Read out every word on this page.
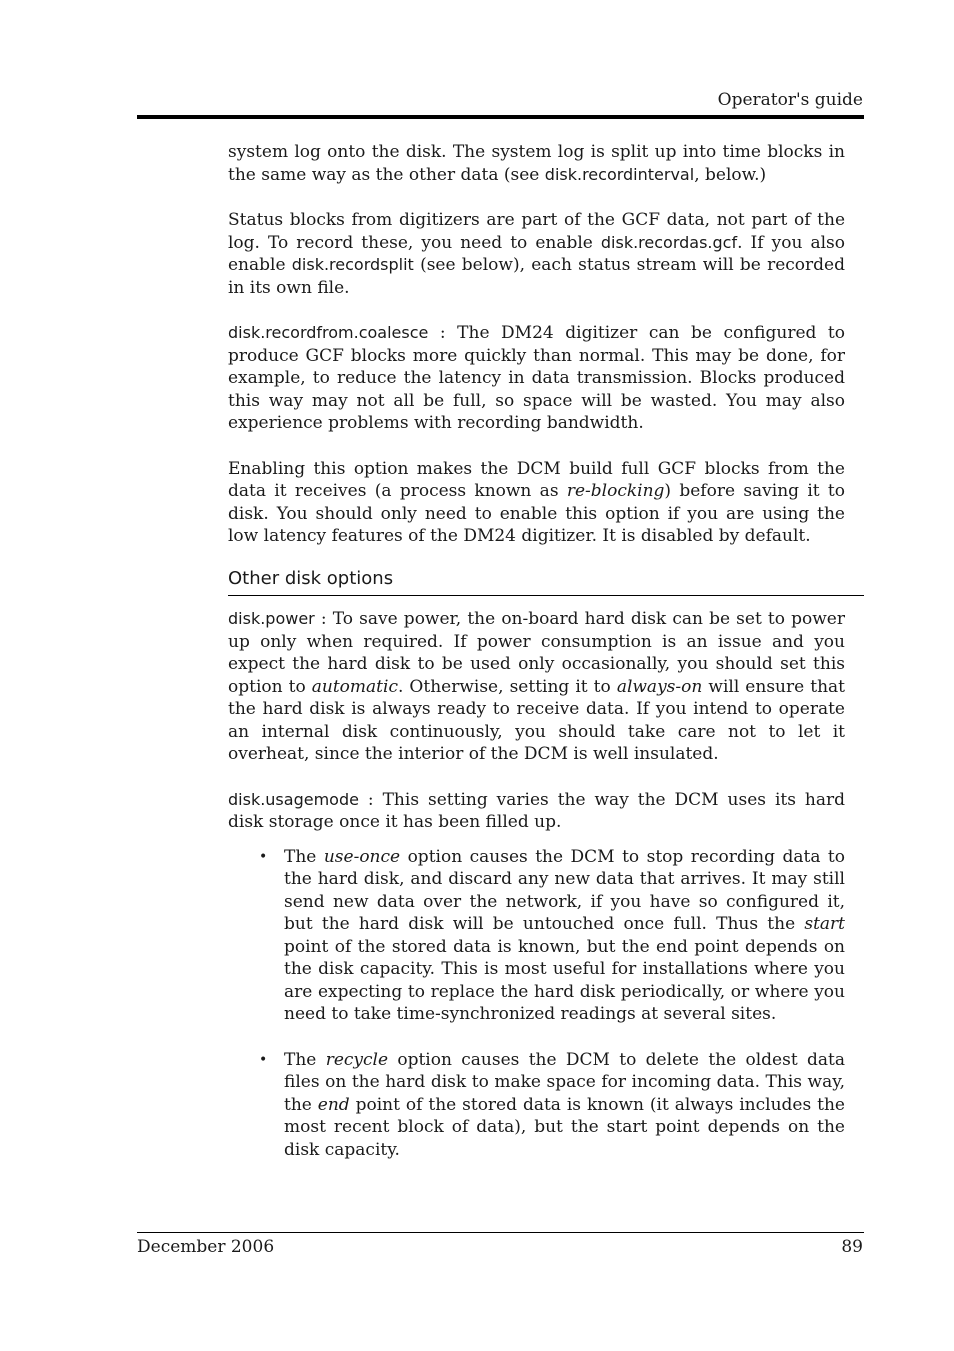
Operator's guide

system log onto the disk. The system log is split up into time blocks in the same way as the other data (see disk.recordinterval, below.)

Status blocks from digitizers are part of the GCF data, not part of the log. To record these, you need to enable disk.recordas.gcf. If you also enable disk.recordsplit (see below), each status stream will be recorded in its own file.

disk.recordfrom.coalesce : The DM24 digitizer can be configured to produce GCF blocks more quickly than normal. This may be done, for example, to reduce the latency in data transmission. Blocks produced this way may not all be full, so space will be wasted. You may also experience problems with recording bandwidth.

Enabling this option makes the DCM build full GCF blocks from the data it receives (a process known as re-blocking) before saving it to disk. You should only need to enable this option if you are using the low latency features of the DM24 digitizer. It is disabled by default.

Other disk options

disk.power : To save power, the on-board hard disk can be set to power up only when required. If power consumption is an issue and you expect the hard disk to be used only occasionally, you should set this option to automatic. Otherwise, setting it to always-on will ensure that the hard disk is always ready to receive data. If you intend to operate an internal disk continuously, you should take care not to let it overheat, since the interior of the DCM is well insulated.

disk.usagemode : This setting varies the way the DCM uses its hard disk storage once it has been filled up.

• The use-once option causes the DCM to stop recording data to the hard disk, and discard any new data that arrives. It may still send new data over the network, if you have so configured it, but the hard disk will be untouched once full. Thus the start point of the stored data is known, but the end point depends on the disk capacity. This is most useful for installations where you are expecting to replace the hard disk periodically, or where you need to take time-synchronized readings at several sites.
• The recycle option causes the DCM to delete the oldest data files on the hard disk to make space for incoming data. This way, the end point of the stored data is known (it always includes the most recent block of data), but the start point depends on the disk capacity.
December 2006	89
